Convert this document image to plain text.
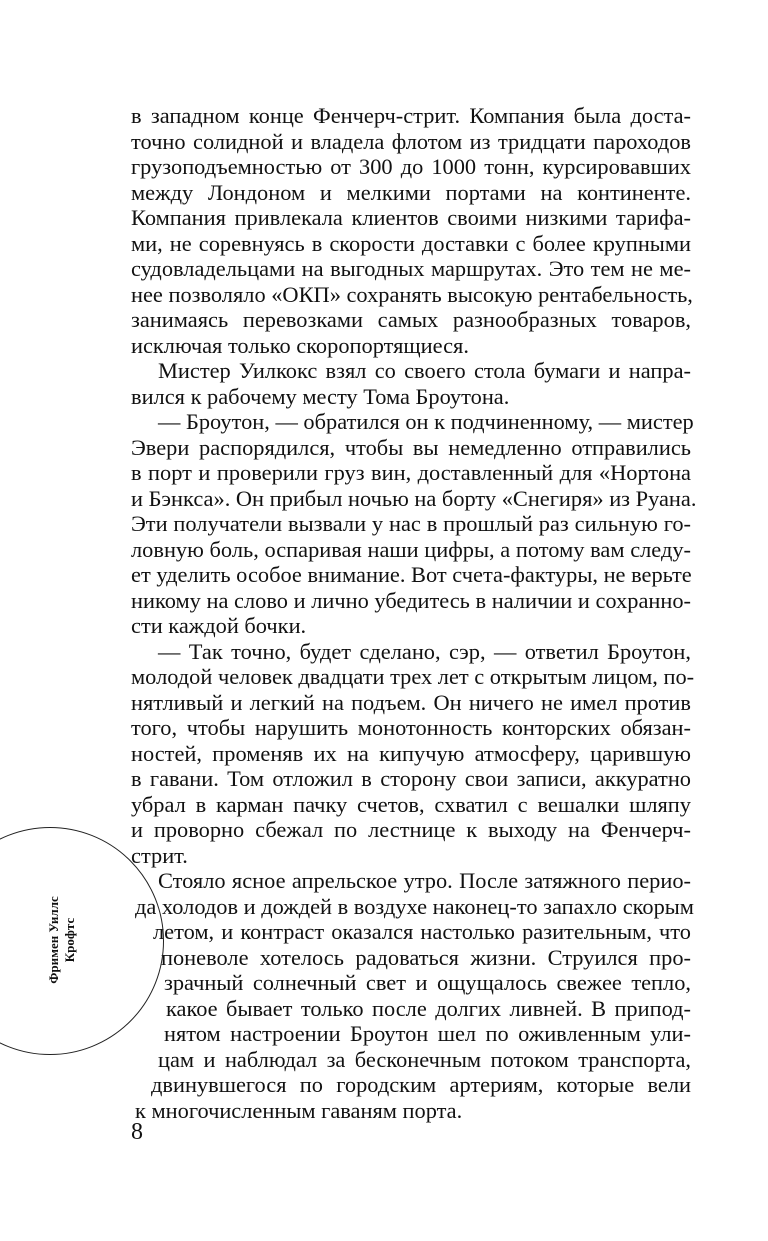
в западном конце Фенчерч-стрит. Компания была доста-
точно солидной и владела флотом из тридцати пароходов
грузоподъемностью от 300 до 1000 тонн, курсировавших
между Лондоном и мелкими портами на континенте.
Компания привлекала клиентов своими низкими тарифа-
ми, не соревнуясь в скорости доставки с более крупными
судовладельцами на выгодных маршрутах. Это тем не ме-
нее позволяло «ОКП» сохранять высокую рентабельность,
занимаясь перевозками самых разнообразных товаров,
исключая только скоропортящиеся.
Мистер Уилкокс взял со своего стола бумаги и напра-
вился к рабочему месту Тома Броутона.
— Броутон, — обратился он к подчиненному, — мистер
Эвери распорядился, чтобы вы немедленно отправились
в порт и проверили груз вин, доставленный для «Нортона
и Бэнкса». Он прибыл ночью на борту «Снегиря» из Руана.
Эти получатели вызвали у нас в прошлый раз сильную го-
ловную боль, оспаривая наши цифры, а потому вам следу-
ет уделить особое внимание. Вот счета-фактуры, не верьте
никому на слово и лично убедитесь в наличии и сохранно-
сти каждой бочки.
— Так точно, будет сделано, сэр, — ответил Броутон,
молодой человек двадцати трех лет с открытым лицом, по-
нятливый и легкий на подъем. Он ничего не имел против
того, чтобы нарушить монотонность конторских обязан-
ностей, променяв их на кипучую атмосферу, царившую
в гавани. Том отложил в сторону свои записи, аккуратно
убрал в карман пачку счетов, схватил с вешалки шляпу
и проворно сбежал по лестнице к выходу на Фенчерч-
стрит.
Стояло ясное апрельское утро. После затяжного перио-
да холодов и дождей в воздухе наконец-то запахло скорым
летом, и контраст оказался настолько разительным, что
поневоле хотелось радоваться жизни. Струился про-
зрачный солнечный свет и ощущалось свежее тепло,
какое бывает только после долгих ливней. В припод-
нятом настроении Броутон шел по оживленным ули-
цам и наблюдал за бесконечным потоком транспорта,
двинувшегося по городским артериям, которые вели
к многочисленным гаваням порта.
Фримен Уиллс Крофтс
8
